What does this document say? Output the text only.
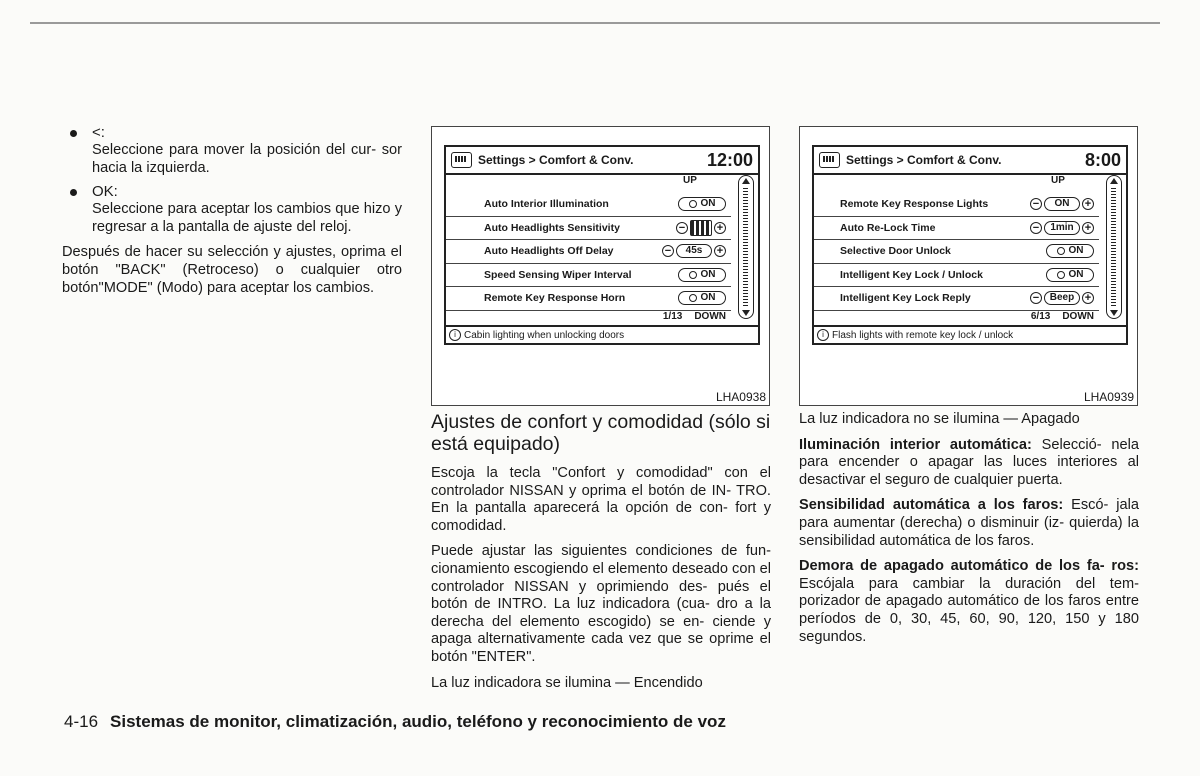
<:
Seleccione para mover la posición del cur- sor hacia la izquierda.
OK:
Seleccione para aceptar los cambios que hizo y regresar a la pantalla de ajuste del reloj.

Después de hacer su selección y ajustes, oprima el botón "BACK" (Retroceso) o cualquier otro botón"MODE" (Modo) para aceptar los cambios.

Settings > Comfort & Conv.	12:00
UP
Auto Interior Illumination	ON
Auto Headlights Sensitivity	−	+
Auto Headlights Off Delay	−	45s	+
Speed Sensing Wiper Interval	ON
Remote Key Response Horn	ON
1/13 DOWN
i Cabin lighting when unlocking doors
LHA0938
Settings > Comfort & Conv.	8:00
UP
Remote Key Response Lights	−	ON	+
Auto Re-Lock Time	−	1min	+
Selective Door Unlock	ON
Intelligent Key Lock / Unlock	ON
Intelligent Key Lock Reply	−	Beep +
6/13 DOWN
i Flash lights with remote key lock / unlock
LHA0939
Ajustes de confort y comodidad (sólo si está equipado)

Escoja la tecla "Confort y comodidad" con el controlador NISSAN y oprima el botón de IN- TRO. En la pantalla aparecerá la opción de con- fort y comodidad.

Puede ajustar las siguientes condiciones de fun- cionamiento escogiendo el elemento deseado con el controlador NISSAN y oprimiendo des- pués el botón de INTRO. La luz indicadora (cua- dro a la derecha del elemento escogido) se en- ciende y apaga alternativamente cada vez que se oprime el botón "ENTER".

La luz indicadora se ilumina — Encendido

La luz indicadora no se ilumina — Apagado

Iluminación interior automática: Selecció- nela para encender o apagar las luces interiores al desactivar el seguro de cualquier puerta.

Sensibilidad automática a los faros: Escó- jala para aumentar (derecha) o disminuir (iz- quierda) la sensibilidad automática de los faros.

Demora de apagado automático de los fa- ros: Escójala para cambiar la duración del tem- porizador de apagado automático de los faros entre períodos de 0, 30, 45, 60, 90, 120, 150 y 180 segundos.

4-16 Sistemas de monitor, climatización, audio, teléfono y reconocimiento de voz
